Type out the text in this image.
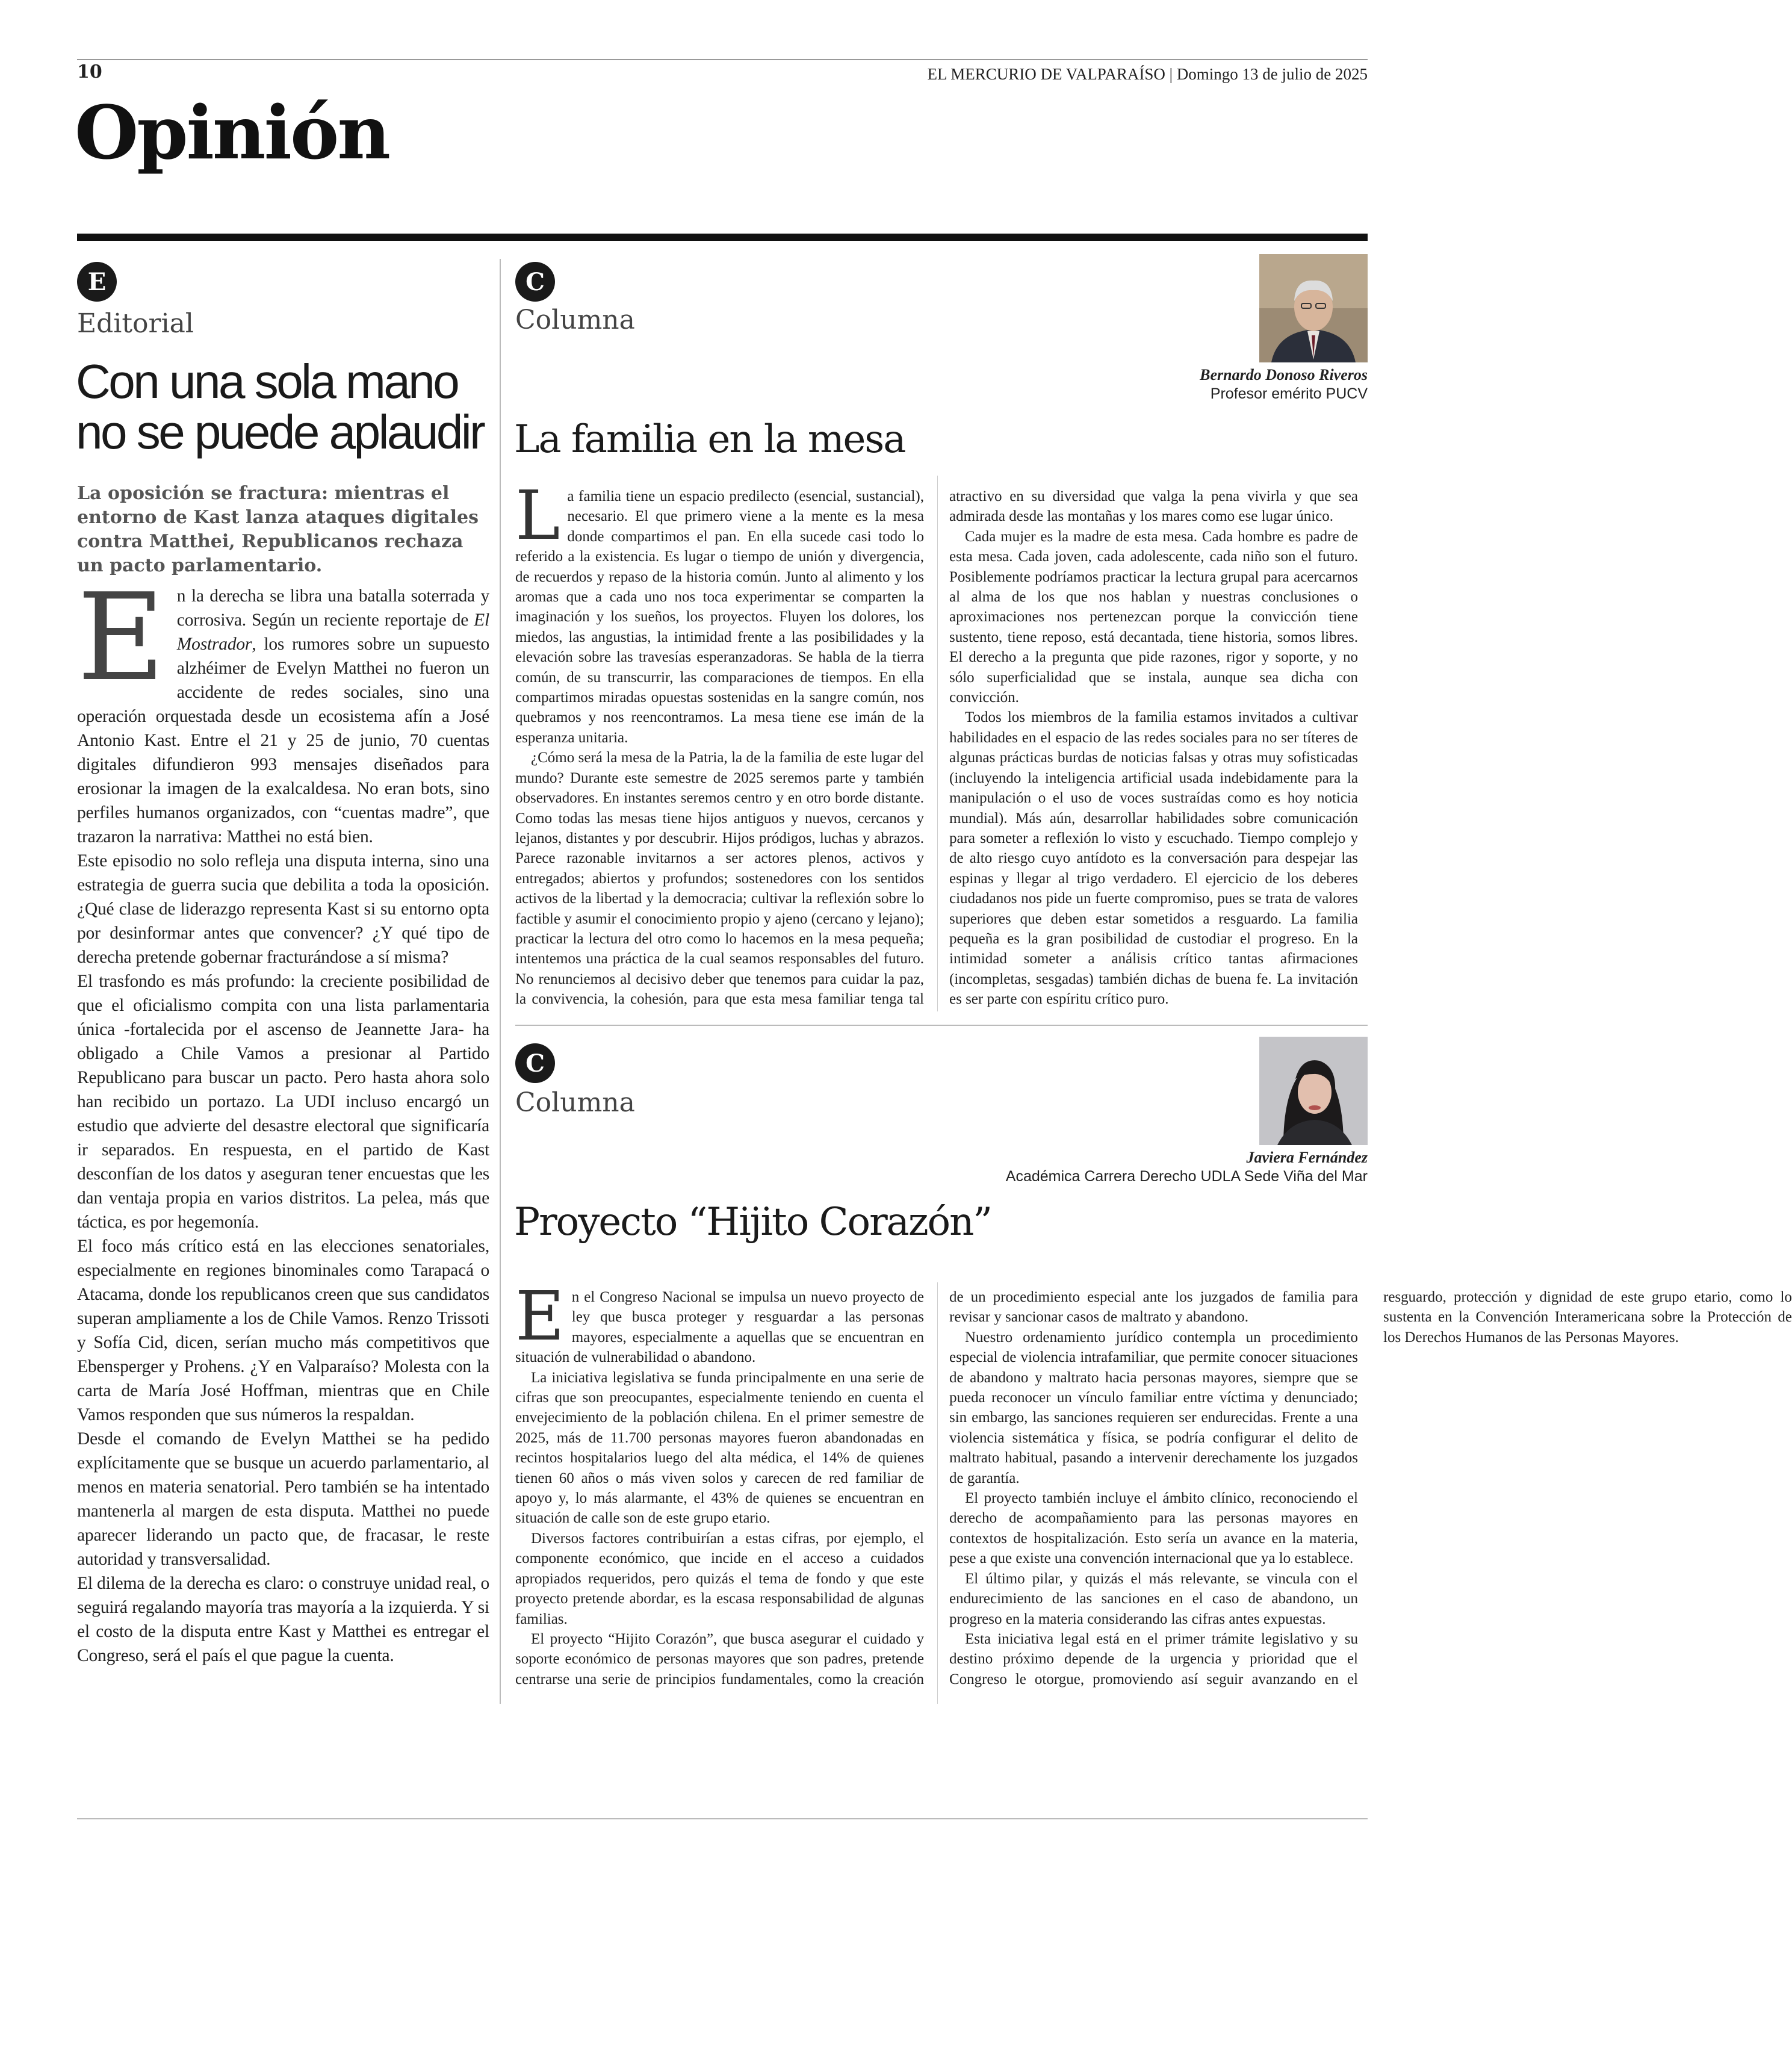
10	EL MERCURIO DE VALPARAÍSO | Domingo 13 de julio de 2025
Opinión
E
Editorial
Con una sola mano
no se puede aplaudir
La oposición se fractura: mientras el entorno de Kast lanza ataques digitales contra Matthei, Republicanos rechaza un pacto parlamentario.

En la derecha se libra una batalla soterrada y corrosiva. Según un reciente reportaje de El Mostrador, los rumores sobre un supuesto alzhéimer de Evelyn Matthei no fueron un accidente de redes sociales, sino una operación orquestada desde un ecosistema afín a José Antonio Kast. Entre el 21 y 25 de junio, 70 cuentas digitales difundieron 993 mensajes diseñados para erosionar la imagen de la exalcaldesa. No eran bots, sino perfiles humanos organizados, con “cuentas madre”, que trazaron la narrativa: Matthei no está bien.

Este episodio no solo refleja una disputa interna, sino una estrategia de guerra sucia que debilita a toda la oposición. ¿Qué clase de liderazgo representa Kast si su entorno opta por desinformar antes que convencer? ¿Y qué tipo de derecha pretende gobernar fracturándose a sí misma?

El trasfondo es más profundo: la creciente posibilidad de que el oficialismo compita con una lista parlamentaria única -fortalecida por el ascenso de Jeannette Jara- ha obligado a Chile Vamos a presionar al Partido Republicano para buscar un pacto. Pero hasta ahora solo han recibido un portazo. La UDI incluso encargó un estudio que advierte del desastre electoral que significaría ir separados. En respuesta, en el partido de Kast desconfían de los datos y aseguran tener encuestas que les dan ventaja propia en varios distritos. La pelea, más que táctica, es por hegemonía.

El foco más crítico está en las elecciones senatoriales, especialmente en regiones binominales como Tarapacá o Atacama, donde los republicanos creen que sus candidatos superan ampliamente a los de Chile Vamos. Renzo Trissoti y Sofía Cid, dicen, serían mucho más competitivos que Ebensperger y Prohens. ¿Y en Valparaíso? Molesta con la carta de María José Hoffman, mientras que en Chile Vamos responden que sus números la respaldan.

Desde el comando de Evelyn Matthei se ha pedido explícitamente que se busque un acuerdo parlamentario, al menos en materia senatorial. Pero también se ha intentado mantenerla al margen de esta disputa. Matthei no puede aparecer liderando un pacto que, de fracasar, le reste autoridad y transversalidad.

El dilema de la derecha es claro: o construye unidad real, o seguirá regalando mayoría tras mayoría a la izquierda. Y si el costo de la disputa entre Kast y Matthei es entregar el Congreso, será el país el que pague la cuenta.

C
Columna
Bernardo Donoso Riveros
Profesor emérito PUCV
La familia en la mesa

La familia tiene un espacio predilecto (esencial, sustancial), necesario. El que primero viene a la mente es la mesa donde compartimos el pan. En ella sucede casi todo lo referido a la existencia. Es lugar o tiempo de unión y divergencia, de recuerdos y repaso de la historia común. Junto al alimento y los aromas que a cada uno nos toca experimentar se comparten la imaginación y los sueños, los proyectos. Fluyen los dolores, los miedos, las angustias, la intimidad frente a las posibilidades y la elevación sobre las travesías esperanzadoras. Se habla de la tierra común, de su transcurrir, las comparaciones de tiempos. En ella compartimos miradas opuestas sostenidas en la sangre común, nos quebramos y nos reencontramos. La mesa tiene ese imán de la esperanza unitaria.

¿Cómo será la mesa de la Patria, la de la familia de este lugar del mundo? Durante este semestre de 2025 seremos parte y también observadores. En instantes seremos centro y en otro borde distante. Como todas las mesas tiene hijos antiguos y nuevos, cercanos y lejanos, distantes y por descubrir. Hijos pródigos, luchas y abrazos. Parece razonable invitarnos a ser actores plenos, activos y entregados; abiertos y profundos; sostenedores con los sentidos activos de la libertad y la democracia; cultivar la reflexión sobre lo factible y asumir el conocimiento propio y ajeno (cercano y lejano); practicar la lectura del otro como lo hacemos en la mesa pequeña; intentemos una práctica de la cual seamos responsables del futuro. No renunciemos al decisivo deber que tenemos para cuidar la paz, la convivencia, la cohesión, para que esta mesa familiar tenga tal atractivo en su diversidad que valga la pena vivirla y que sea admirada desde las montañas y los mares como ese lugar único.

Cada mujer es la madre de esta mesa. Cada hombre es padre de esta mesa. Cada joven, cada adolescente, cada niño son el futuro. Posiblemente podríamos practicar la lectura grupal para acercarnos al alma de los que nos hablan y nuestras conclusiones o aproximaciones nos pertenezcan porque la convicción tiene sustento, tiene reposo, está decantada, tiene historia, somos libres. El derecho a la pregunta que pide razones, rigor y soporte, y no sólo superficialidad que se instala, aunque sea dicha con convicción.

Todos los miembros de la familia estamos invitados a cultivar habilidades en el espacio de las redes sociales para no ser títeres de algunas prácticas burdas de noticias falsas y otras muy sofisticadas (incluyendo la inteligencia artificial usada indebidamente para la manipulación o el uso de voces sustraídas como es hoy noticia mundial). Más aún, desarrollar habilidades sobre comunicación para someter a reflexión lo visto y escuchado. Tiempo complejo y de alto riesgo cuyo antídoto es la conversación para despejar las espinas y llegar al trigo verdadero. El ejercicio de los deberes ciudadanos nos pide un fuerte compromiso, pues se trata de valores superiores que deben estar sometidos a resguardo. La familia pequeña es la gran posibilidad de custodiar el progreso. En la intimidad someter a análisis crítico tantas afirmaciones (incompletas, sesgadas) también dichas de buena fe. La invitación es ser parte con espíritu crítico puro.

C
Columna
Javiera Fernández
Académica Carrera Derecho UDLA Sede Viña del Mar
Proyecto “Hijito Corazón”

En el Congreso Nacional se impulsa un nuevo proyecto de ley que busca proteger y resguardar a las personas mayores, especialmente a aquellas que se encuentran en situación de vulnerabilidad o abandono.

La iniciativa legislativa se funda principalmente en una serie de cifras que son preocupantes, especialmente teniendo en cuenta el envejecimiento de la población chilena. En el primer semestre de 2025, más de 11.700 personas mayores fueron abandonadas en recintos hospitalarios luego del alta médica, el 14% de quienes tienen 60 años o más viven solos y carecen de red familiar de apoyo y, lo más alarmante, el 43% de quienes se encuentran en situación de calle son de este grupo etario.

Diversos factores contribuirían a estas cifras, por ejemplo, el componente económico, que incide en el acceso a cuidados apropiados requeridos, pero quizás el tema de fondo y que este proyecto pretende abordar, es la escasa responsabilidad de algunas familias.

El proyecto “Hijito Corazón”, que busca asegurar el cuidado y soporte económico de personas mayores que son padres, pretende centrarse una serie de principios fundamentales, como la creación de un procedimiento especial ante los juzgados de familia para revisar y sancionar casos de maltrato y abandono.

Nuestro ordenamiento jurídico contempla un procedimiento especial de violencia intrafamiliar, que permite conocer situaciones de abandono y maltrato hacia personas mayores, siempre que se pueda reconocer un vínculo familiar entre víctima y denunciado; sin embargo, las sanciones requieren ser endurecidas. Frente a una violencia sistemática y física, se podría configurar el delito de maltrato habitual, pasando a intervenir derechamente los juzgados de garantía.

El proyecto también incluye el ámbito clínico, reconociendo el derecho de acompañamiento para las personas mayores en contextos de hospitalización. Esto sería un avance en la materia, pese a que existe una convención internacional que ya lo establece.

El último pilar, y quizás el más relevante, se vincula con el endurecimiento de las sanciones en el caso de abandono, un progreso en la materia considerando las cifras antes expuestas.

Esta iniciativa legal está en el primer trámite legislativo y su destino próximo depende de la urgencia y prioridad que el Congreso le otorgue, promoviendo así seguir avanzando en el resguardo, protección y dignidad de este grupo etario, como lo sustenta en la Convención Interamericana sobre la Protección de los Derechos Humanos de las Personas Mayores.
